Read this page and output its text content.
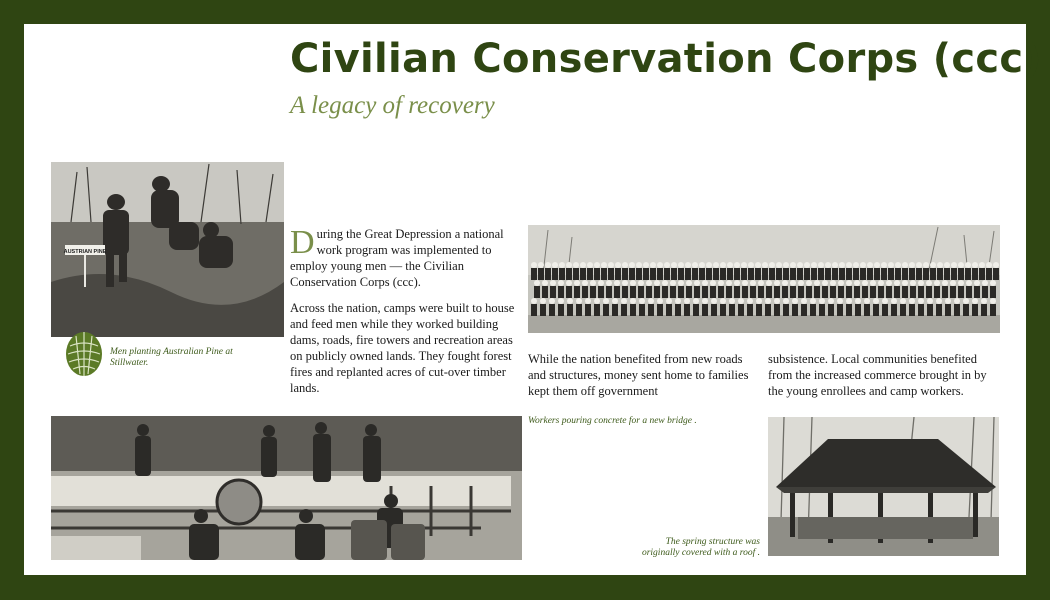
Civilian Conservation Corps (ccc)
A legacy of recovery
AUSTRIAN PINE
Men planting Australian Pine at Stillwater.

During the Great Depression a national work program was implemented to employ young men — the Civilian Conservation Corps (ccc).

Across the nation, camps were built to house and feed men while they worked building dams, roads, fire towers and recreation areas on publicly owned lands. They fought forest fires and replanted acres of cut-over timber lands.

While the nation benefited from new roads and structures, money sent home to families kept them off government

subsistence. Local communities benefited from the increased commerce brought in by the young enrollees and camp workers.

Workers pouring concrete for a new bridge .
The spring structure was originally covered with a roof .
